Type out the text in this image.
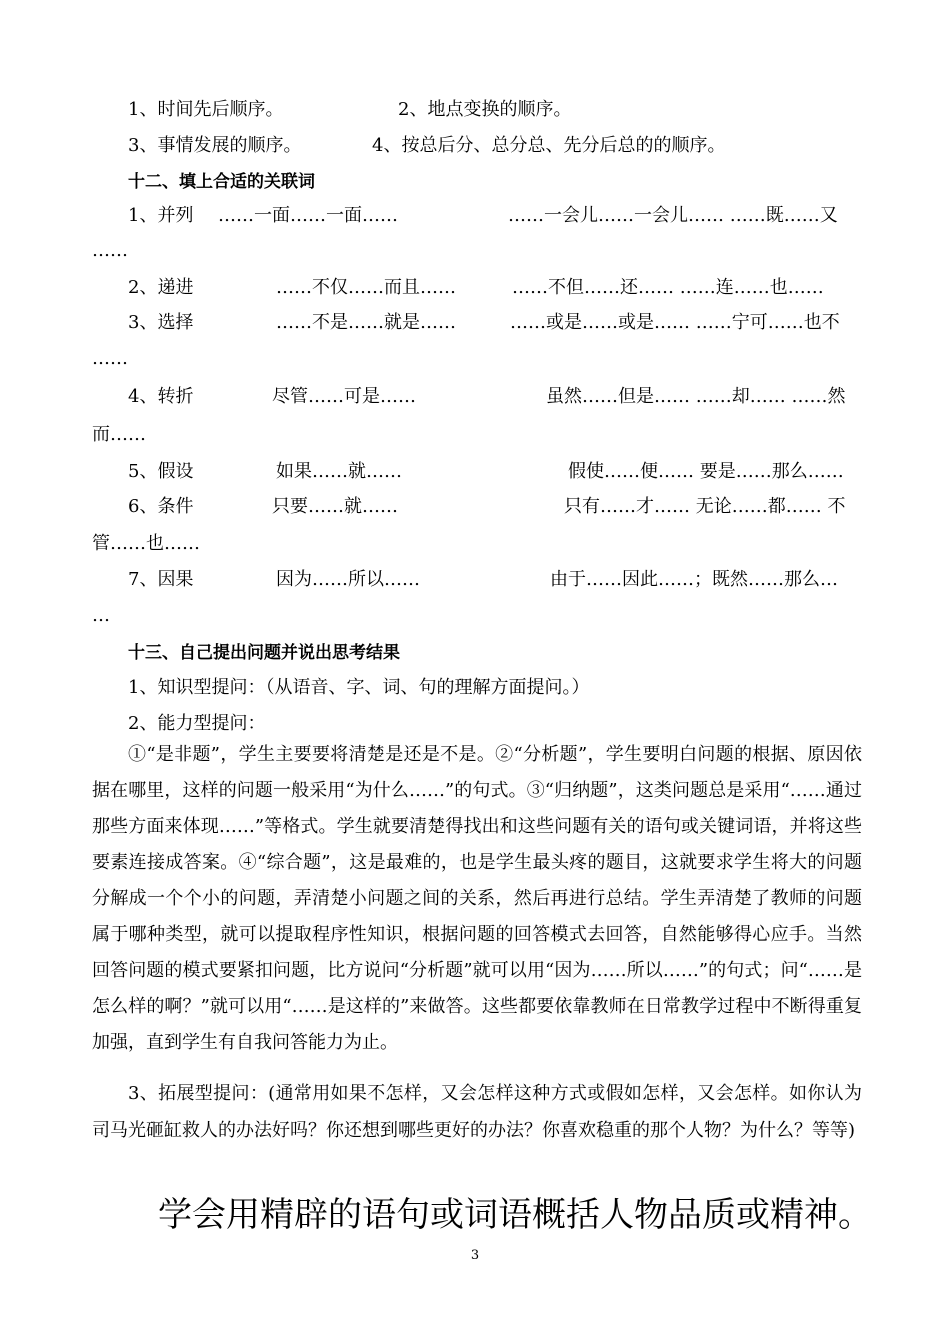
1、时间先后顺序。	2、地点变换的顺序。
3、事情发展的顺序。	4、按总后分、总分总、先分后总的的顺序。
十二、填上合适的关联词
1、并列 ……一面……一面……	……一会儿……一会儿…… ……既……又
……
2、递进	……不仅……而且……	……不但……还…… ……连……也……
3、选择	……不是……就是……	……或是……或是…… ……宁可……也不
……
4、转折	尽管……可是……	虽然……但是…… ……却…… ……然
而……
5、假设	如果……就……	假使……便…… 要是……那么……
6、条件	只要……就……	只有……才…… 无论……都…… 不
管……也……
7、因果	因为……所以……	由于……因此……；既然……那么…
…
十三、自己提出问题并说出思考结果
1、知识型提问：（从语音、字、词、句的理解方面提问。）
2、能力型提问：
①“是非题”，学生主要要将清楚是还是不是。②“分析题”，学生要明白问题的根据、原因依据在哪里，这样的问题一般采用“为什么……”的句式。③“归纳题”，这类问题总是采用“……通过那些方面来体现……”等格式。学生就要清楚得找出和这些问题有关的语句或关键词语，并将这些要素连接成答案。④“综合题”，这是最难的，也是学生最头疼的题目，这就要求学生将大的问题分解成一个个小的问题，弄清楚小问题之间的关系，然后再进行总结。学生弄清楚了教师的问题属于哪种类型，就可以提取程序性知识，根据问题的回答模式去回答，自然能够得心应手。当然回答问题的模式要紧扣问题，比方说问“分析题”就可以用“因为……所以……”的句式；问“……是怎么样的啊？”就可以用“……是这样的”来做答。这些都要依靠教师在日常教学过程中不断得重复加强，直到学生有自我问答能力为止。
3、拓展型提问：(通常用如果不怎样，又会怎样这种方式或假如怎样，又会怎样。如你认为司马光砸缸救人的办法好吗？你还想到哪些更好的办法？你喜欢稳重的那个人物？为什么？等等)
学会用精辟的语句或词语概括人物品质或精神。
3
